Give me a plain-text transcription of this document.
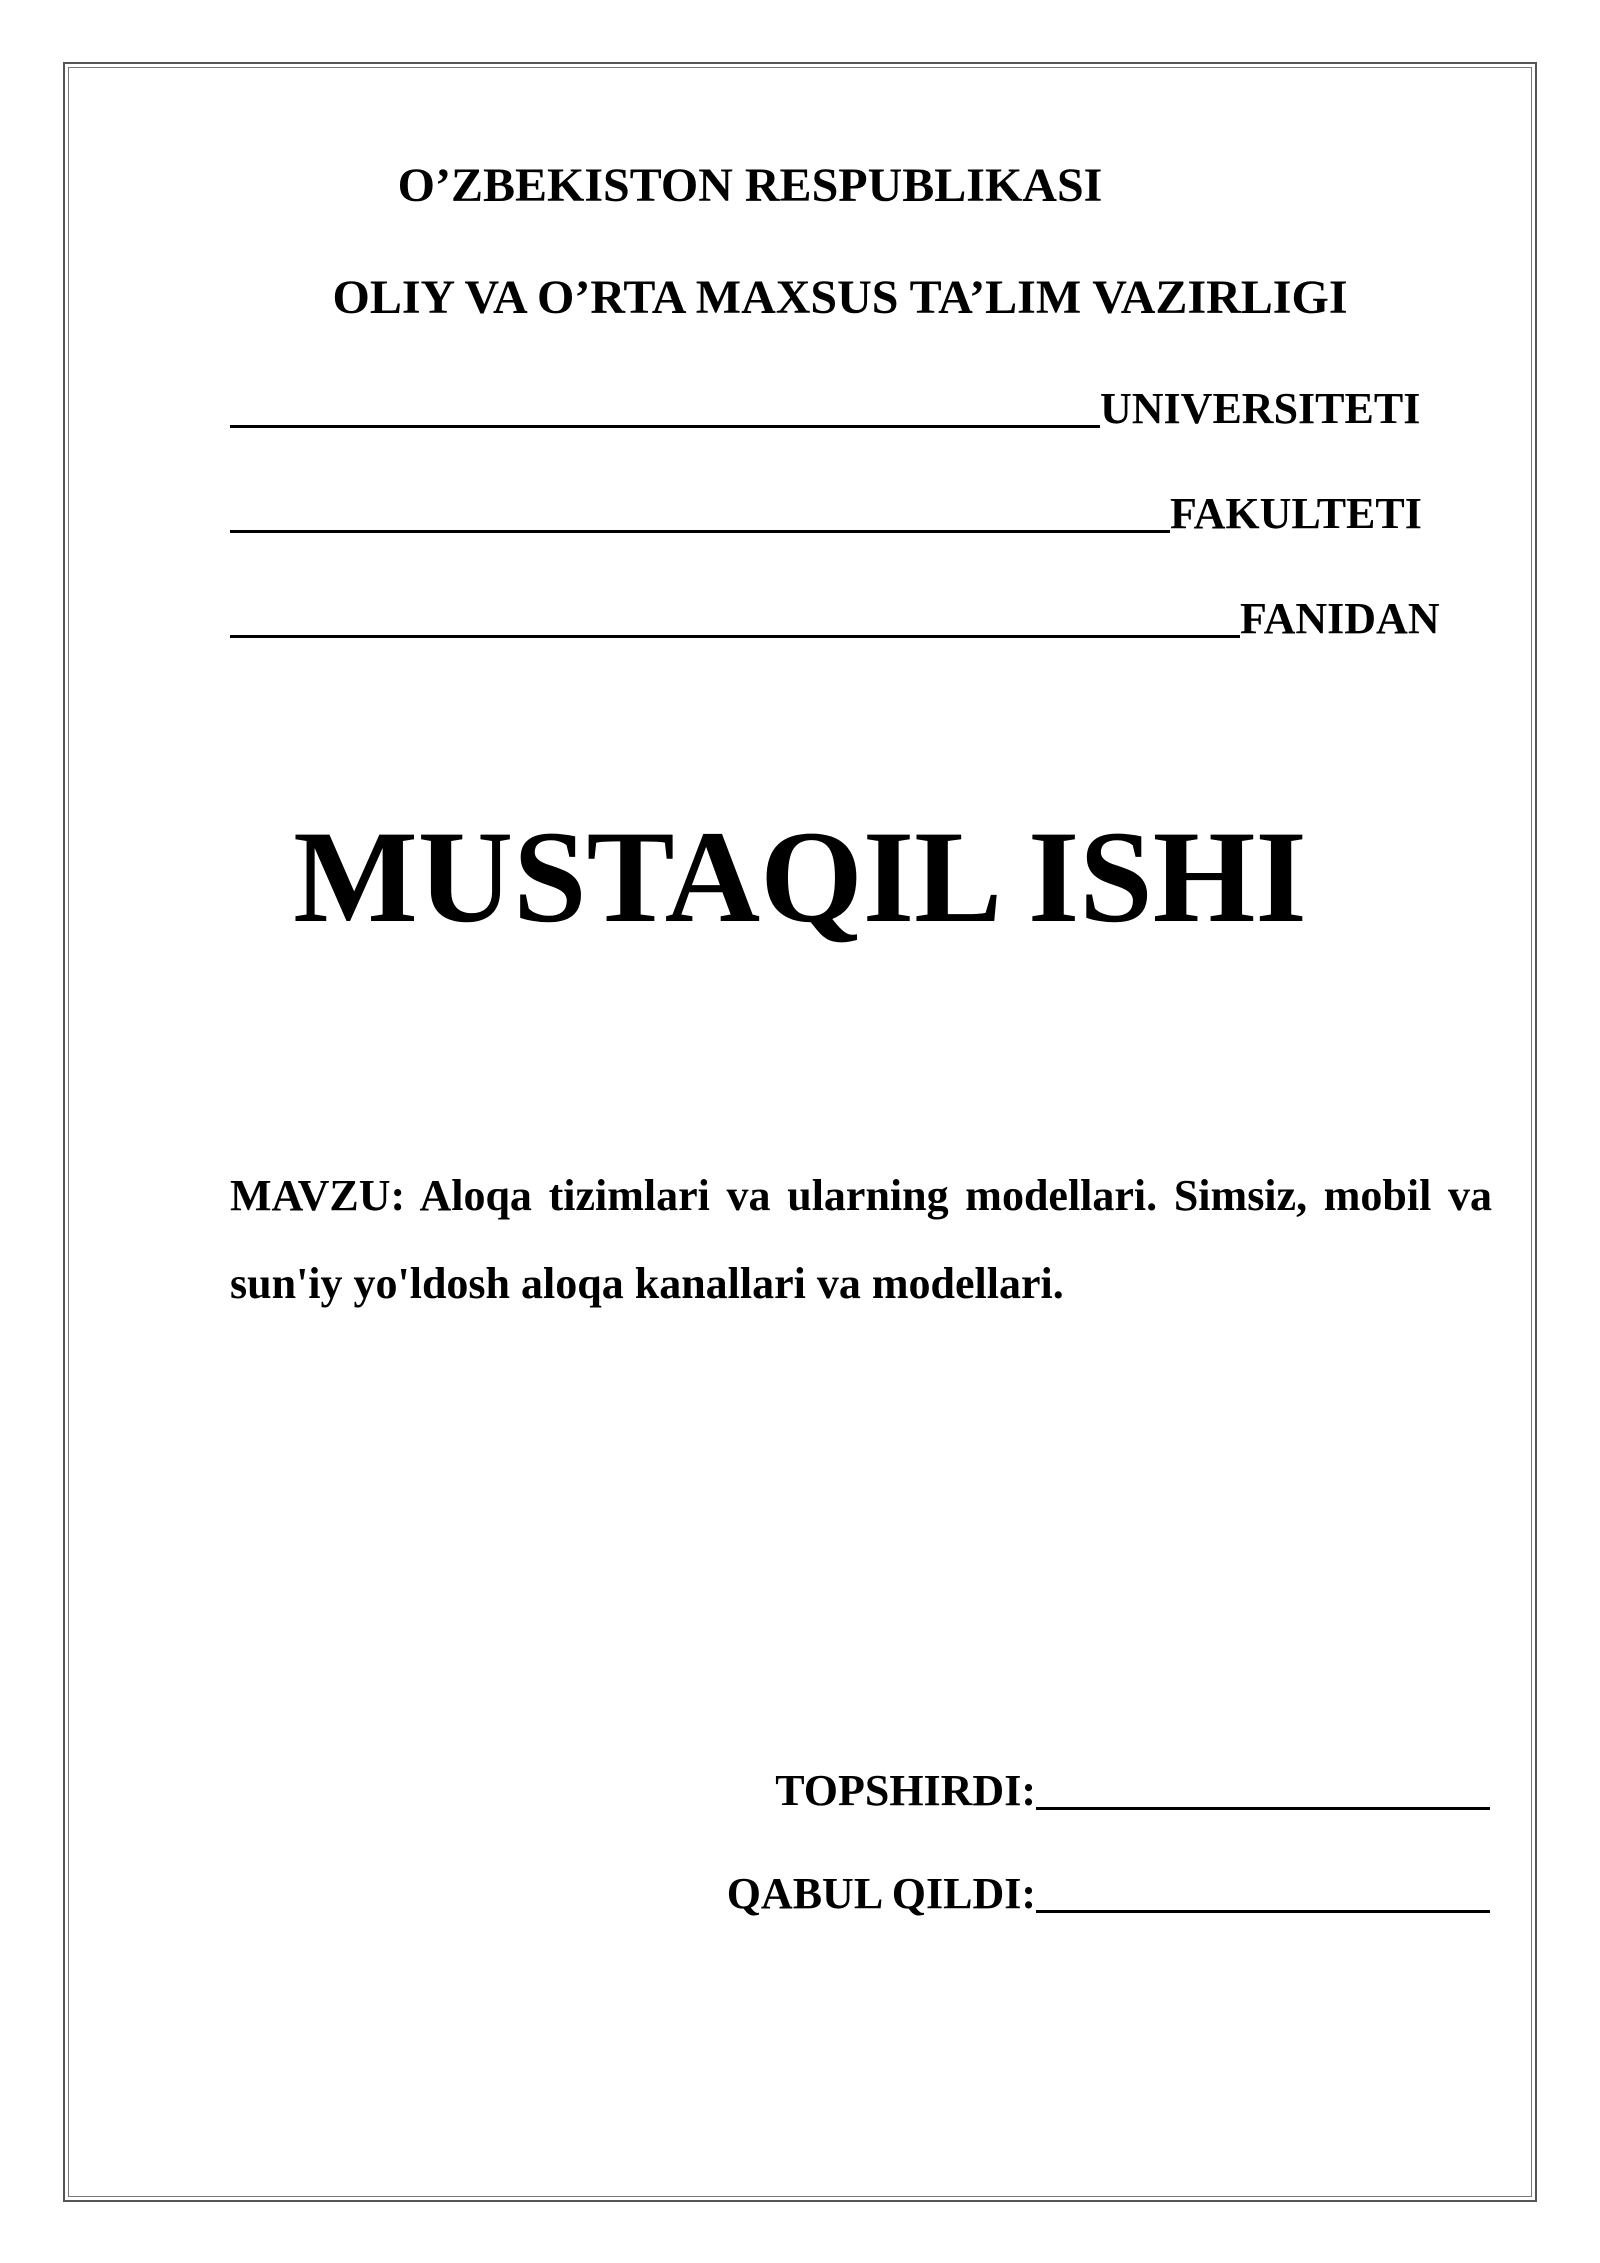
O’ZBEKISTON RESPUBLIKASI
OLIY VA O’RTA MAXSUS TA’LIM VAZIRLIGI
UNIVERSITETI
FAKULTETI
FANIDAN
MUSTAQIL ISHI
MAVZU: Aloqa tizimlari va ularning modellari. Simsiz, mobil va sun'iy yo'ldosh aloqa kanallari va modellari.
TOPSHIRDI:
QABUL QILDI:
